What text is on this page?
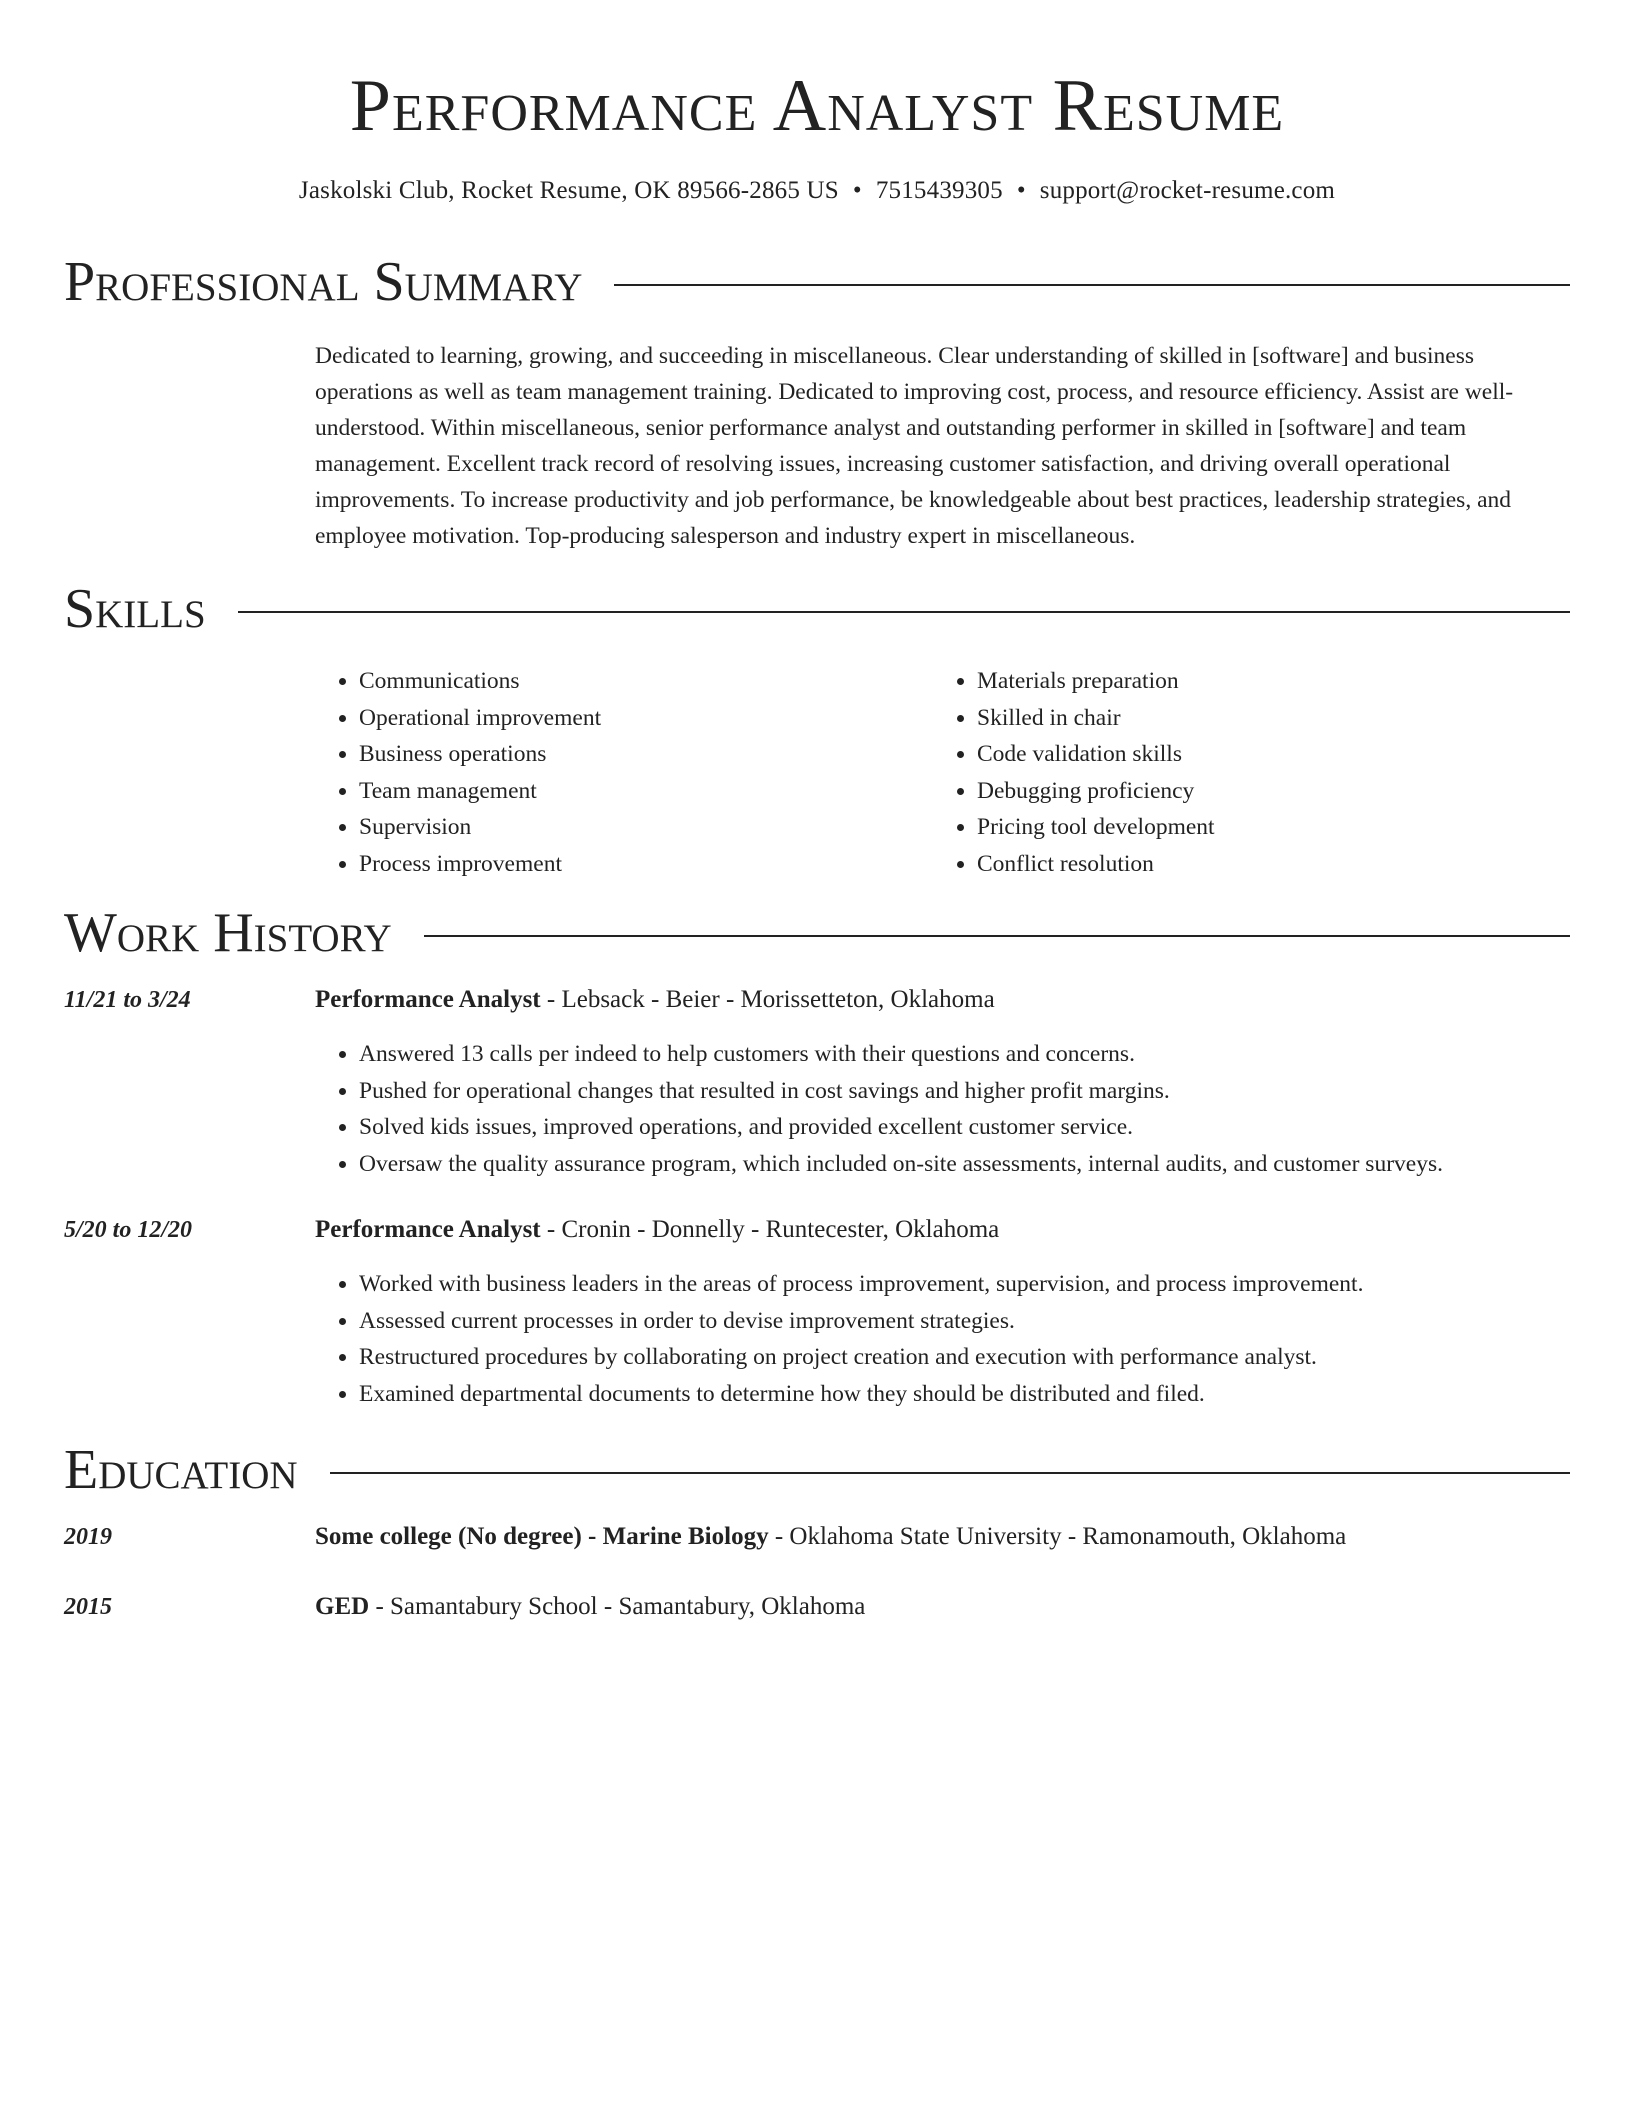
Performance Analyst Resume
Jaskolski Club, Rocket Resume, OK 89566-2865 US • 7515439305 • support@rocket-resume.com
Professional Summary

Dedicated to learning, growing, and succeeding in miscellaneous. Clear understanding of skilled in [software] and business operations as well as team management training. Dedicated to improving cost, process, and resource efficiency. Assist are well-understood. Within miscellaneous, senior performance analyst and outstanding performer in skilled in [software] and team management. Excellent track record of resolving issues, increasing customer satisfaction, and driving overall operational improvements. To increase productivity and job performance, be knowledgeable about best practices, leadership strategies, and employee motivation. Top-producing salesperson and industry expert in miscellaneous.

Skills
• Communications
• Operational improvement
• Business operations
• Team management
• Supervision
• Process improvement
• Materials preparation
• Skilled in chair
• Code validation skills
• Debugging proficiency
• Pricing tool development
• Conflict resolution
Work History
11/21 to 3/24	Performance Analyst - Lebsack - Beier - Morissetteton, Oklahoma
• Answered 13 calls per indeed to help customers with their questions and concerns.
• Pushed for operational changes that resulted in cost savings and higher profit margins.
• Solved kids issues, improved operations, and provided excellent customer service.
• Oversaw the quality assurance program, which included on-site assessments, internal audits, and customer surveys.
5/20 to 12/20	Performance Analyst - Cronin - Donnelly - Runtecester, Oklahoma
• Worked with business leaders in the areas of process improvement, supervision, and process improvement.
• Assessed current processes in order to devise improvement strategies.
• Restructured procedures by collaborating on project creation and execution with performance analyst.
• Examined departmental documents to determine how they should be distributed and filed.
Education
2019	Some college (No degree) - Marine Biology - Oklahoma State University - Ramonamouth, Oklahoma
2015	GED - Samantabury School - Samantabury, Oklahoma
